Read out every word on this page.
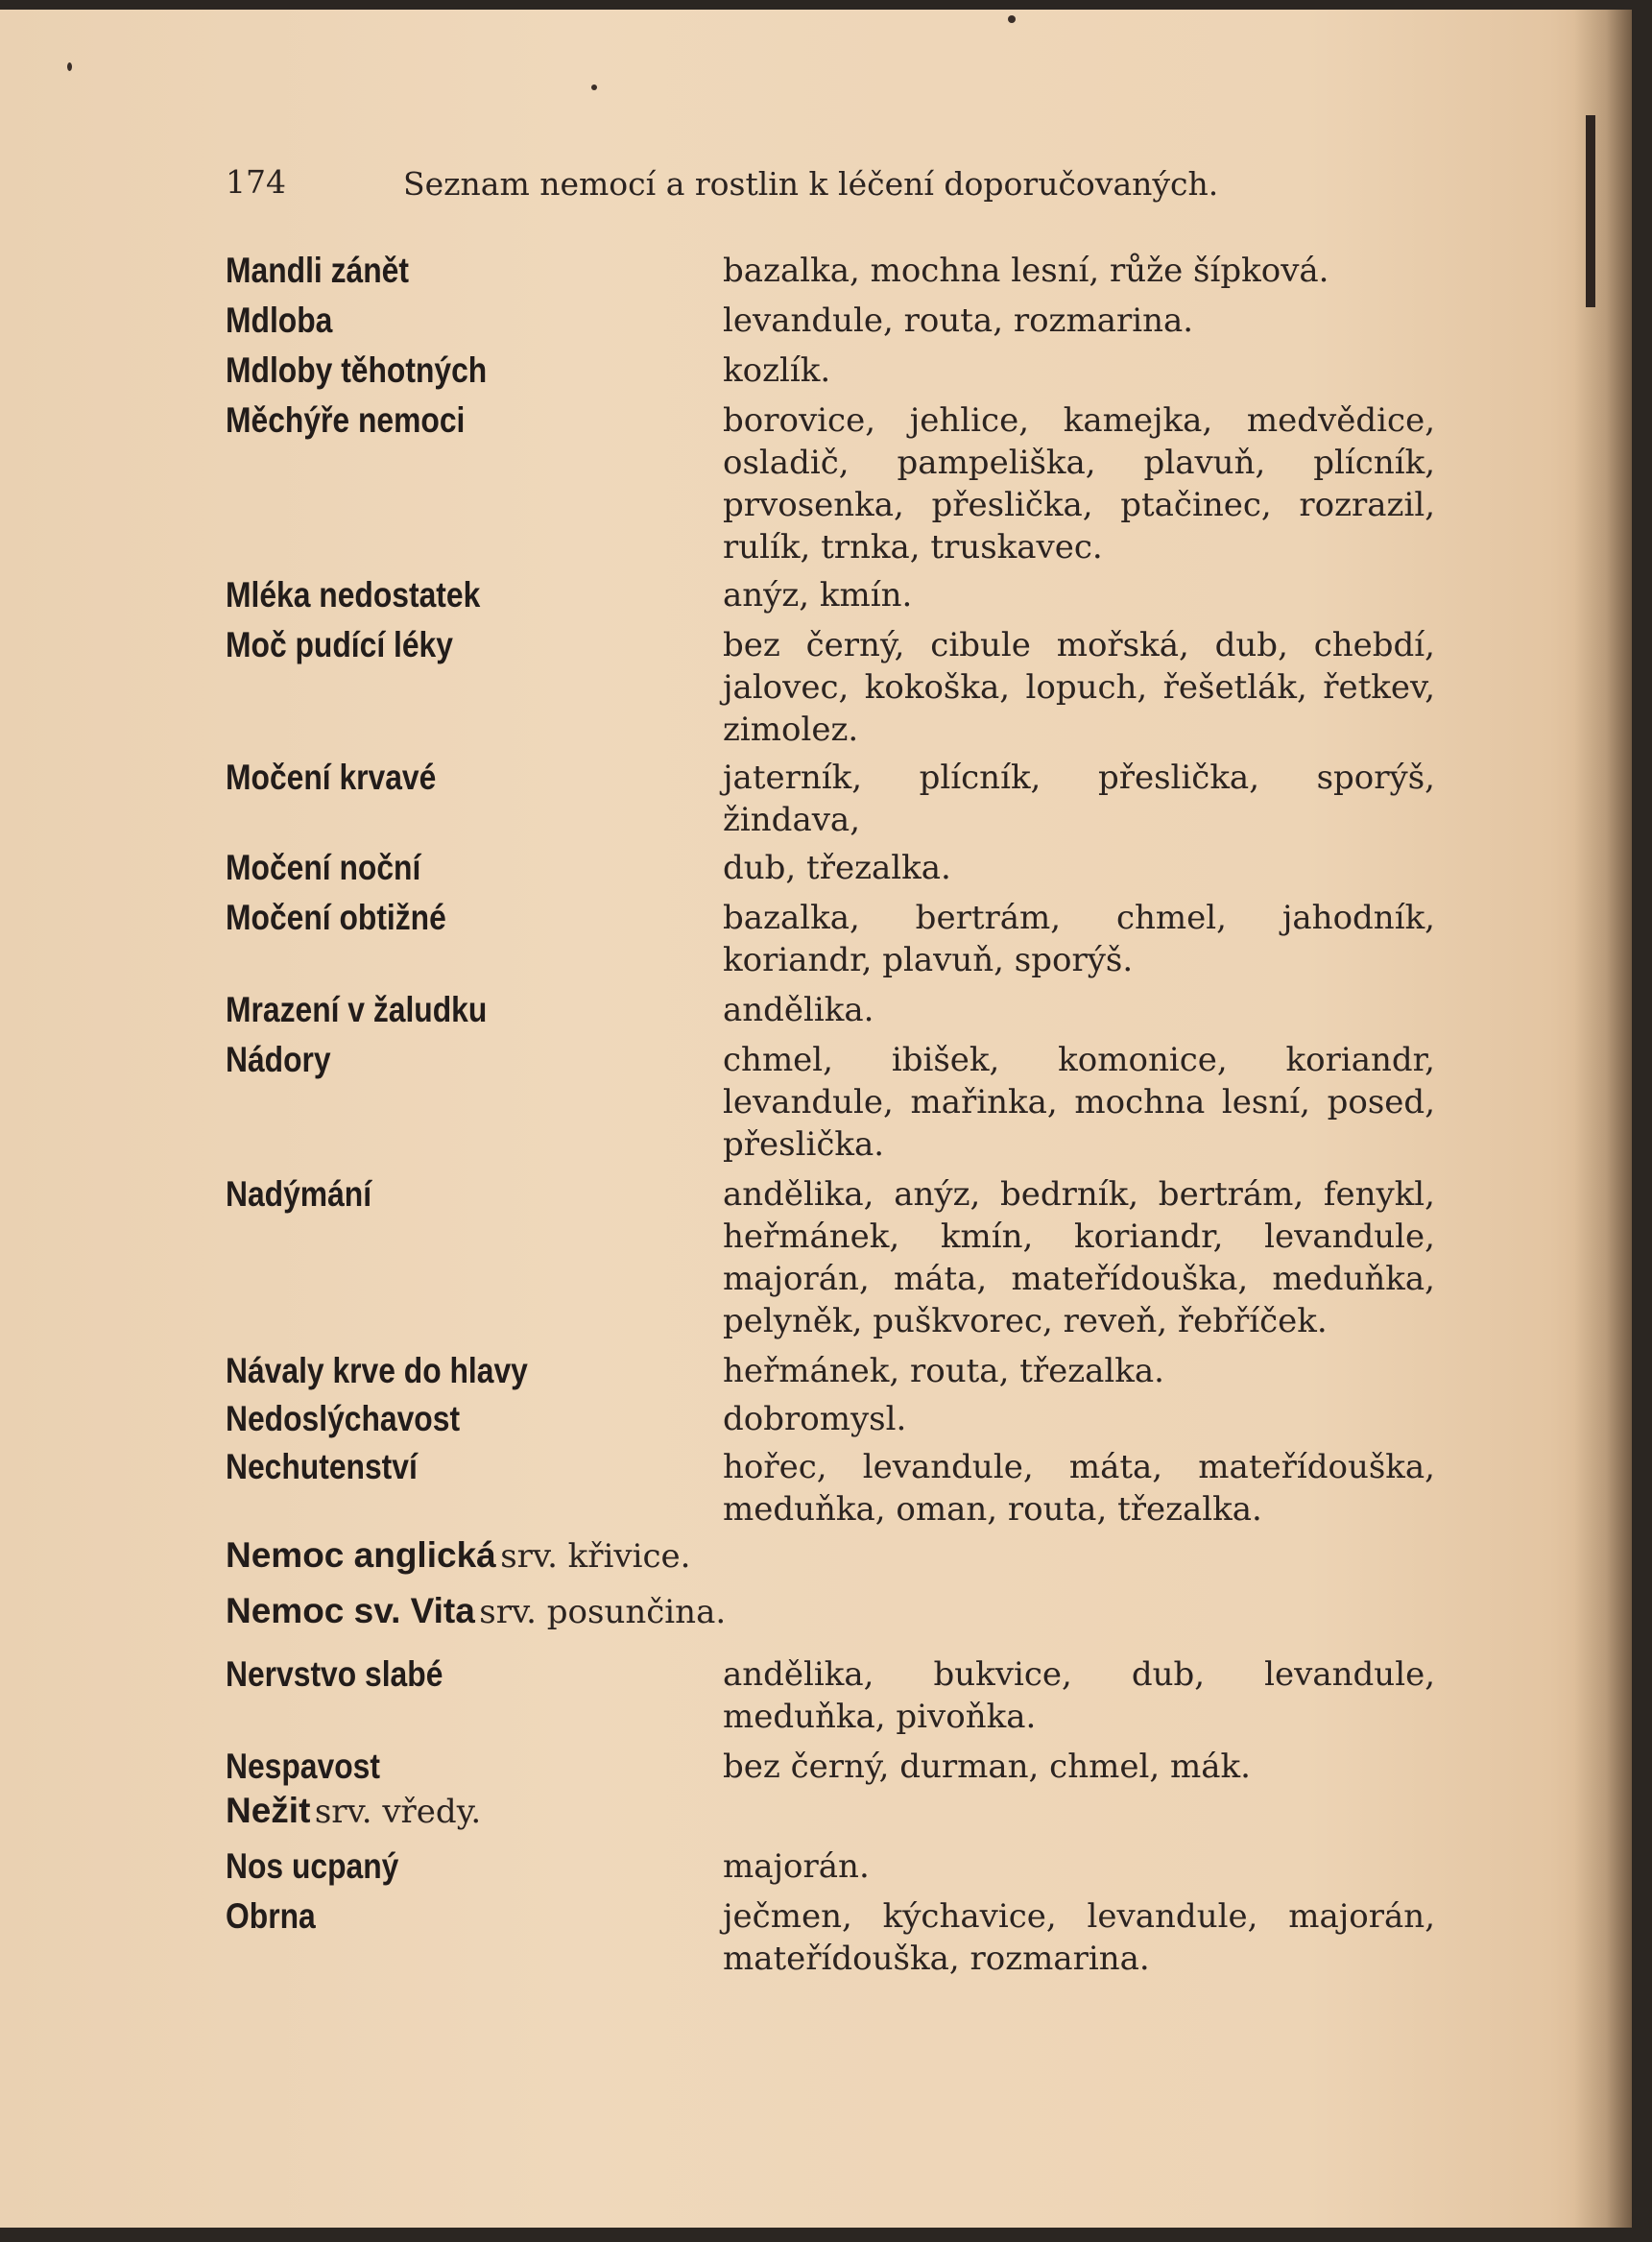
174	Seznam nemocí a rostlin k léčení doporučovaných.
Mandli zánět	bazalka, mochna lesní, růže šípková.
Mdloba	levandule, routa, rozmarina.
Mdloby těhotných	kozlík.
Měchýře nemoci	borovice, jehlice, kamejka, medvědice, osladič, pampeliška, plavuň, plícník, prvosenka, přeslička, ptačinec, rozrazil, rulík, trnka, truskavec.
Mléka nedostatek	anýz, kmín.
Moč pudící léky	bez černý, cibule mořská, dub, chebdí, jalovec, kokoška, lopuch, řešetlák, řetkev, zimolez.
Močení krvavé	jaterník, plícník, přeslička, sporýš, žindava,
Močení noční	dub, třezalka.
Močení obtižné	bazalka, bertrám, chmel, jahodník, koriandr, plavuň, sporýš.
Mrazení v žaludku	andělika.
Nádory	chmel, ibišek, komonice, koriandr, levandule, mařinka, mochna lesní, posed, přeslička.
Nadýmání	andělika, anýz, bedrník, bertrám, fenykl, heřmánek, kmín, koriandr, levandule, majorán, máta, mateřídouška, meduňka, pelyněk, puškvorec, reveň, řebříček.
Návaly krve do hlavy	heřmánek, routa, třezalka.
Nedoslýchavost	dobromysl.
Nechutenství	hořec, levandule, máta, mateřídouška, meduňka, oman, routa, třezalka.
Nemoc anglická srv. křivice.
Nemoc sv. Vita srv. posunčina.
Nervstvo slabé	andělika, bukvice, dub, levandule, meduňka, pivoňka.
Nespavost	bez černý, durman, chmel, mák.
Nežit srv. vředy.
Nos ucpaný	majorán.
Obrna	ječmen, kýchavice, levandule, majorán, mateřídouška, rozmarina.
